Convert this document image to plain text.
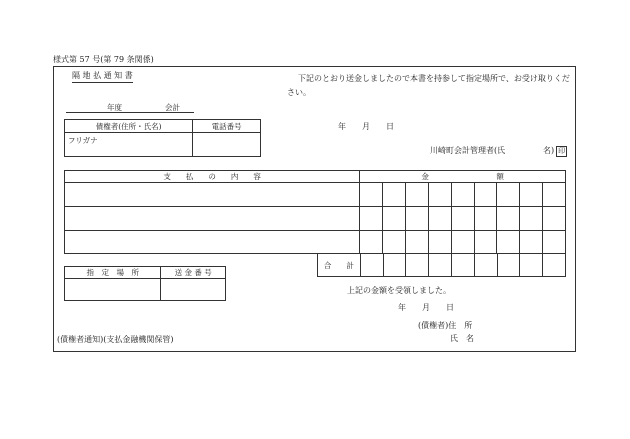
様式第 57 号(第 79 条関係)
隔 地 払 通 知 書	下記のとおり送金しましたので本書を持参して指定場所で、お受け取りくだ
さい。
年度	会計
債権者(住所・氏名)	電話番号
フリガナ	
年　　月　　日
川崎町会計管理者(氏	名) 印
支　　払　　の　　内　　容	金　　　　　　　　　額								

合　　計									
指　定　場　所	送 金 番 号

上記の金額を受領しました。
年　　月　　日
(債権者)住　所
氏　名
(債権者通知)(支払金融機関保管)
